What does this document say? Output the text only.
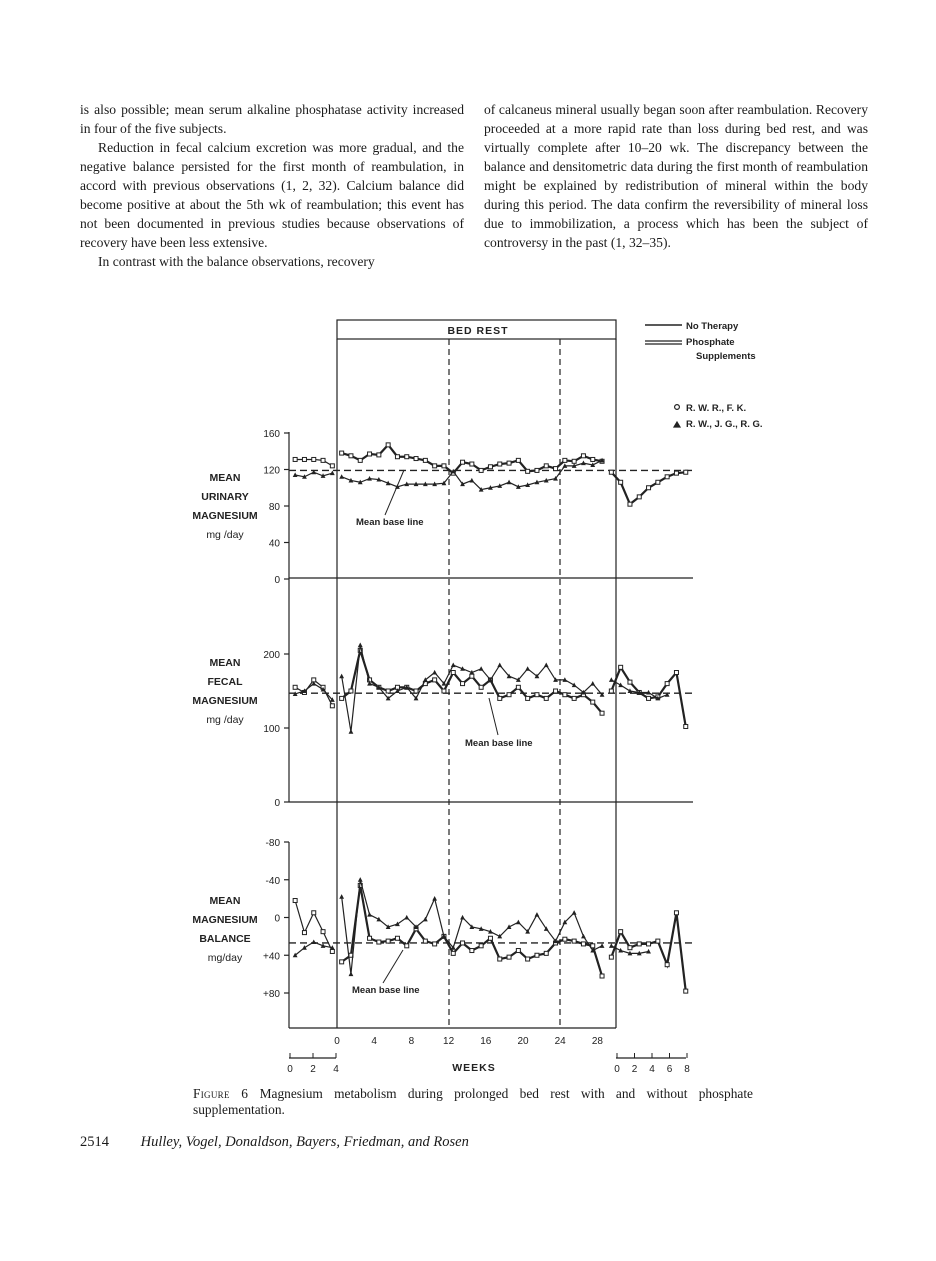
is also possible; mean serum alkaline phosphatase activity increased in four of the five subjects.

Reduction in fecal calcium excretion was more gradual, and the negative balance persisted for the first month of reambulation, in accord with previous observations (1, 2, 32). Calcium balance did become positive at about the 5th wk of reambulation; this event has not been documented in previous studies because observations of recovery have been less extensive.

In contrast with the balance observations, recovery

of calcaneus mineral usually began soon after reambulation. Recovery proceeded at a more rapid rate than loss during bed rest, and was virtually complete after 10–20 wk. The discrepancy between the balance and densitometric data during the first month of reambulation might be explained by redistribution of mineral within the body during this period. The data confirm the reversibility of mineral loss due to immobilization, a process which has been the subject of controversy in the past (1, 32–35).

BED REST	No Therapy
Phosphate
Supplements
R. W. R., F. K.
R. W., J. G., R. G.
WEEKS
MEAN
URINARY
MAGNESIUM
mg /day
MEAN
FECAL
MAGNESIUM
mg /day
MEAN
MAGNESIUM
BALANCE
mg/day
0
40
80
120
160
0
100
200
-80
-40
0
+40
+80
0	4	8	12	16	20	24	28
0 2 4	0 2 4 6 8
Mean base line
Mean base line
Mean base line
Figure 6 Magnesium metabolism during prolonged bed rest with and without phosphate supplementation.
2514 Hulley, Vogel, Donaldson, Bayers, Friedman, and Rosen
